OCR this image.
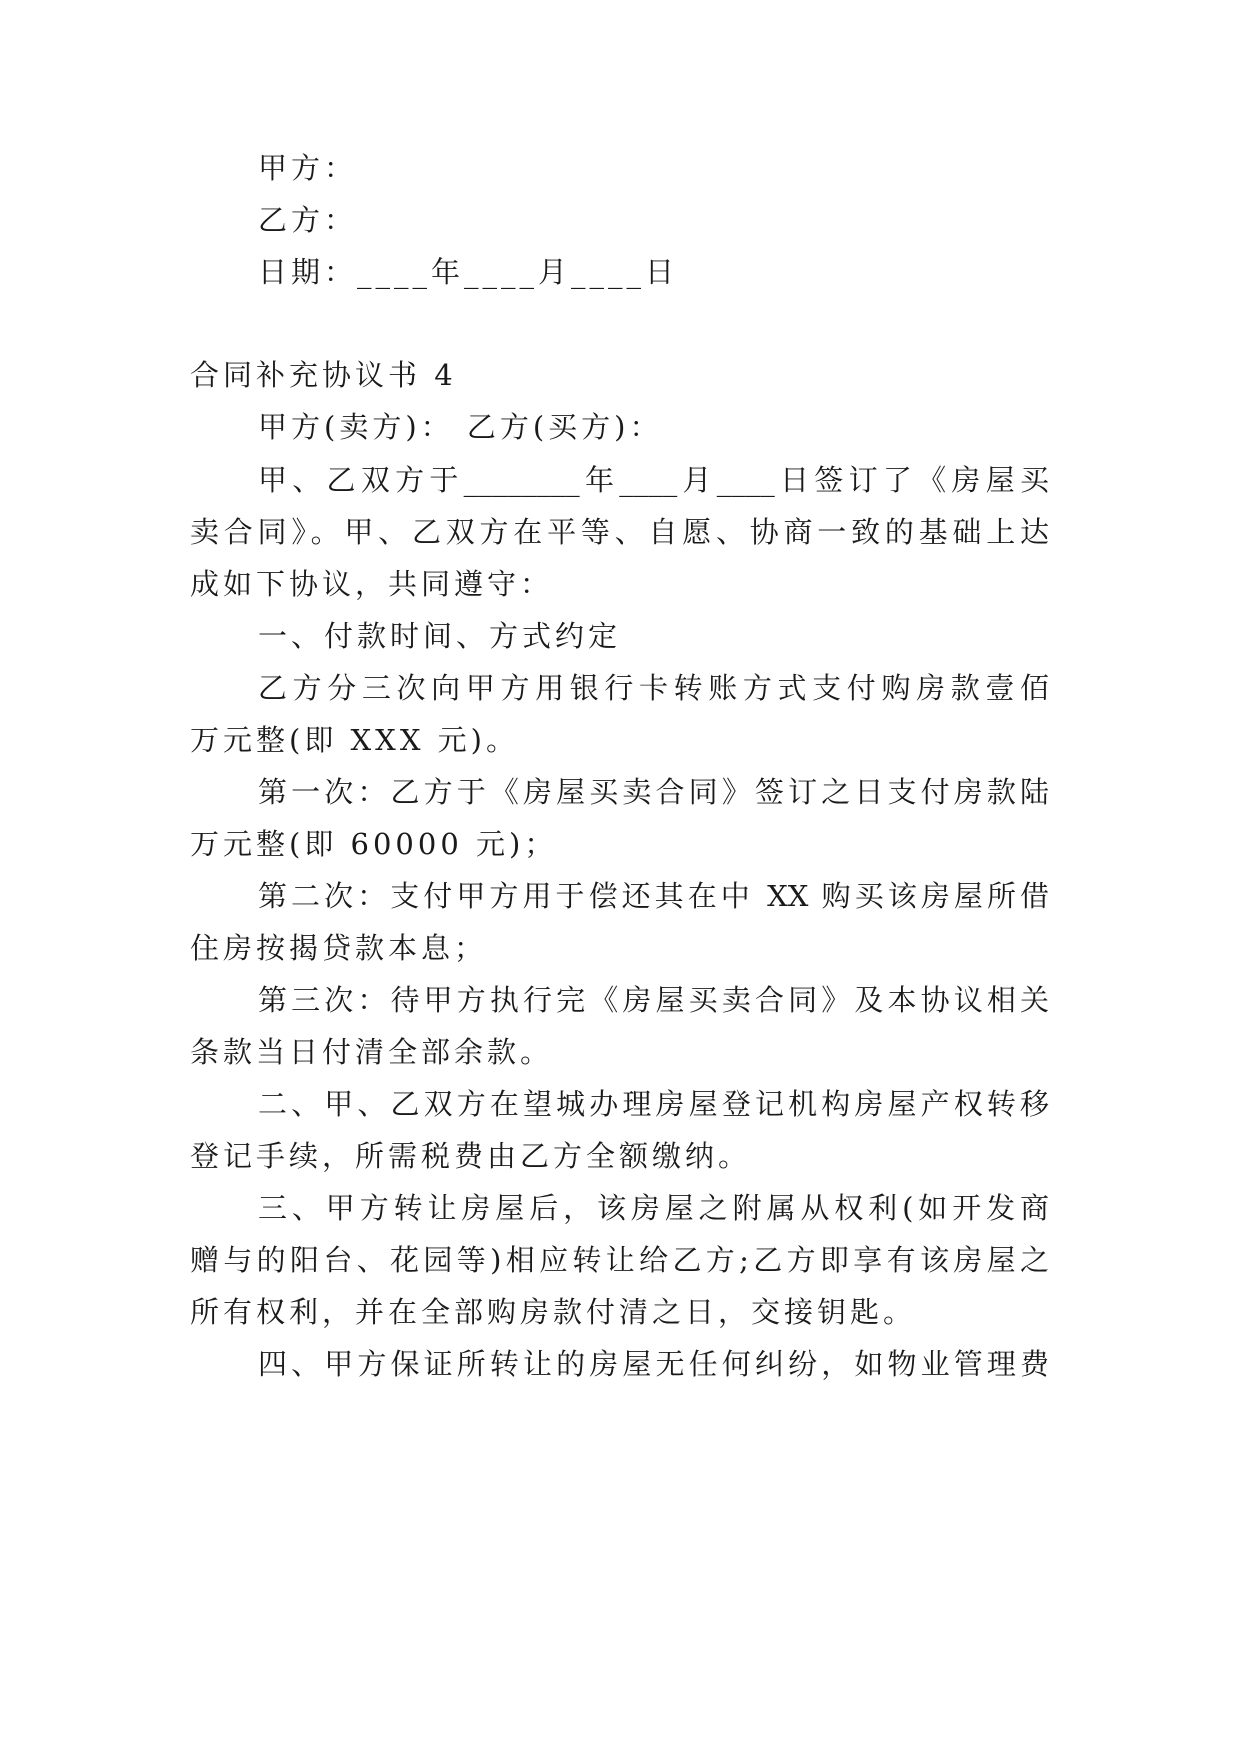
甲方：
乙方：
日期：____年____月____日
合同补充协议书 4
甲方(卖方)： 乙方(买方)：
甲、乙双方于________年____月____日签订了《房屋买
卖合同》。甲、乙双方在平等、自愿、协商一致的基础上达
成如下协议，共同遵守：
一、付款时间、方式约定
乙方分三次向甲方用银行卡转账方式支付购房款壹佰
万元整(即 XXX 元)。
第一次：乙方于《房屋买卖合同》签订之日支付房款陆
万元整(即 60000 元)；
第二次：支付甲方用于偿还其在中 XX 购买该房屋所借
住房按揭贷款本息；
第三次：待甲方执行完《房屋买卖合同》及本协议相关
条款当日付清全部余款。
二、甲、乙双方在望城办理房屋登记机构房屋产权转移
登记手续，所需税费由乙方全额缴纳。
三、甲方转让房屋后，该房屋之附属从权利(如开发商
赠与的阳台、花园等)相应转让给乙方;乙方即享有该房屋之
所有权利，并在全部购房款付清之日，交接钥匙。
四、甲方保证所转让的房屋无任何纠纷，如物业管理费
